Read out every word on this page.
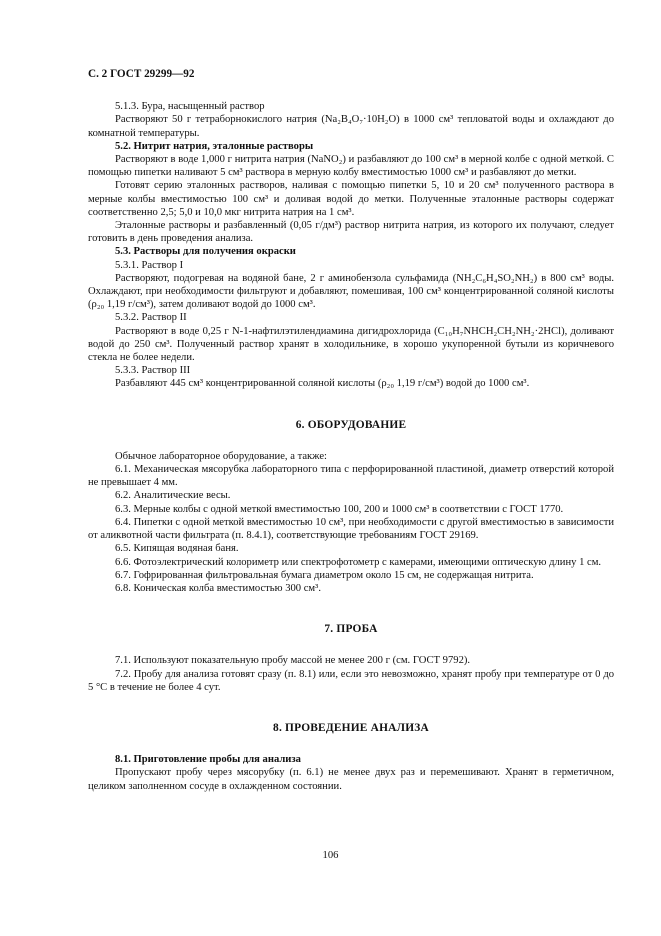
С. 2 ГОСТ 29299—92

5.1.3. Бура, насыщенный раствор

Растворяют 50 г тетраборнокислого натрия (Na₂B₄O₇·10H₂O) в 1000 см³ тепловатой воды и охлаждают до комнатной температуры.

5.2. Нитрит натрия, эталонные растворы

Растворяют в воде 1,000 г нитрита натрия (NaNO₂) и разбавляют до 100 см³ в мерной колбе с одной меткой. С помощью пипетки наливают 5 см³ раствора в мерную колбу вместимостью 1000 см³ и разбавляют до метки.

Готовят серию эталонных растворов, наливая с помощью пипетки 5, 10 и 20 см³ полученного раствора в мерные колбы вместимостью 100 см³ и доливая водой до метки. Полученные эталонные растворы содержат соответственно 2,5; 5,0 и 10,0 мкг нитрита натрия на 1 см³.

Эталонные растворы и разбавленный (0,05 г/дм³) раствор нитрита натрия, из которого их получают, следует готовить в день проведения анализа.

5.3. Растворы для получения окраски

5.3.1. Раствор I

Растворяют, подогревая на водяной бане, 2 г аминобензола сульфамида (NH₂C₆H₄SO₂NH₂) в 800 см³ воды. Охлаждают, при необходимости фильтруют и добавляют, помешивая, 100 см³ концентрированной соляной кислоты (ρ₂₀ 1,19 г/см³), затем доливают водой до 1000 см³.

5.3.2. Раствор II

Растворяют в воде 0,25 г N-1-нафтилэтилендиамина дигидрохлорида (C₁₀H₇NHCH₂CH₂NH₂·2HCl), доливают водой до 250 см³. Полученный раствор хранят в холодильнике, в хорошо укупоренной бутыли из коричневого стекла не более недели.

5.3.3. Раствор III

Разбавляют 445 см³ концентрированной соляной кислоты (ρ₂₀ 1,19 г/см³) водой до 1000 см³.

6. ОБОРУДОВАНИЕ

Обычное лабораторное оборудование, а также:

6.1. Механическая мясорубка лабораторного типа с перфорированной пластиной, диаметр отверстий которой не превышает 4 мм.

6.2. Аналитические весы.

6.3. Мерные колбы с одной меткой вместимостью 100, 200 и 1000 см³ в соответствии с ГОСТ 1770.

6.4. Пипетки с одной меткой вместимостью 10 см³, при необходимости с другой вместимостью в зависимости от аликвотной части фильтрата (п. 8.4.1), соответствующие требованиям ГОСТ 29169.

6.5. Кипящая водяная баня.

6.6. Фотоэлектрический колориметр или спектрофотометр с камерами, имеющими оптическую длину 1 см.

6.7. Гофрированная фильтровальная бумага диаметром около 15 см, не содержащая нитрита.

6.8. Коническая колба вместимостью 300 см³.

7. ПРОБА

7.1. Используют показательную пробу массой не менее 200 г (см. ГОСТ 9792).

7.2. Пробу для анализа готовят сразу (п. 8.1) или, если это невозможно, хранят пробу при температуре от 0 до 5 °С в течение не более 4 сут.

8. ПРОВЕДЕНИЕ АНАЛИЗА

8.1. Приготовление пробы для анализа

Пропускают пробу через мясорубку (п. 6.1) не менее двух раз и перемешивают. Хранят в герметичном, целиком заполненном сосуде в охлажденном состоянии.

106
